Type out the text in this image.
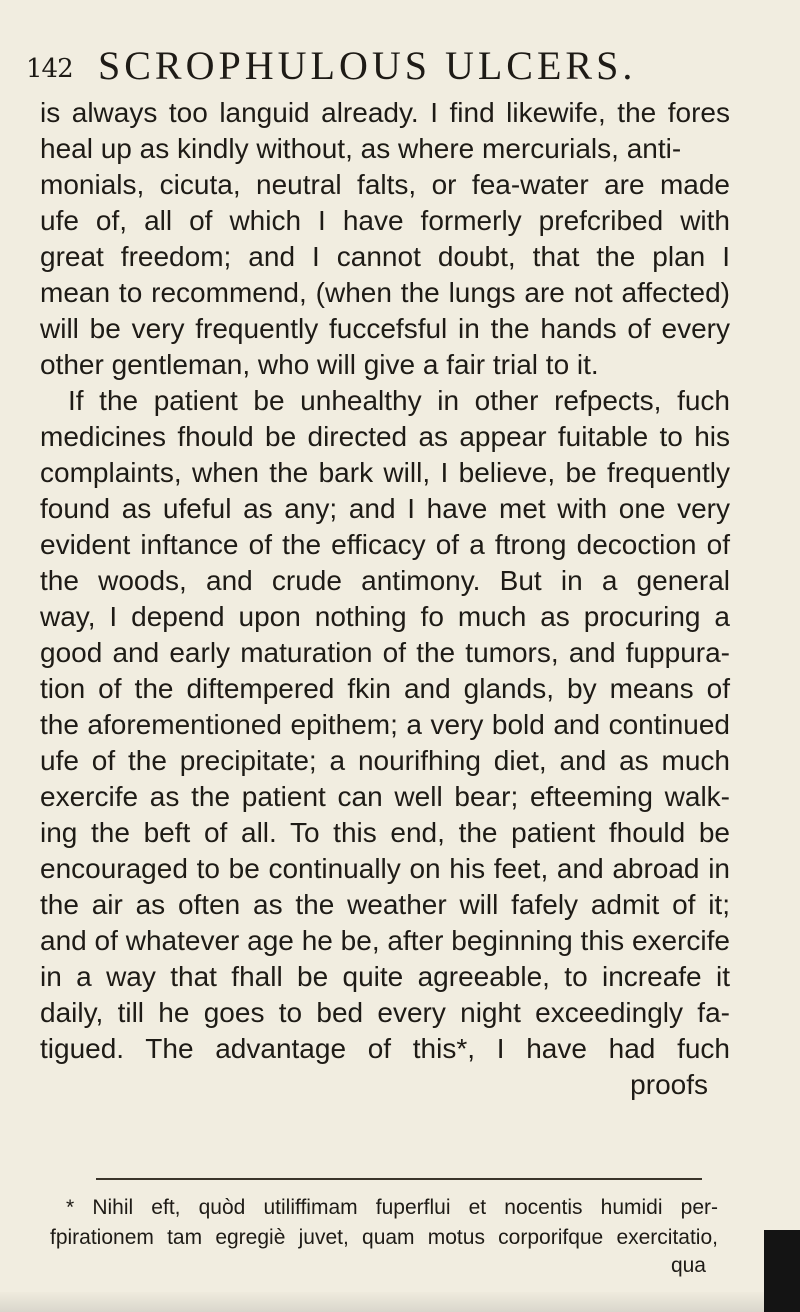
142 SCROPHULOUS ULCERS.
is always too languid already. I find likewife, the fores
heal up as kindly without, as where mercurials, anti-
monials, cicuta, neutral falts, or fea-water are made
ufe of, all of which I have formerly prefcribed with
great freedom; and I cannot doubt, that the plan I
mean to recommend, (when the lungs are not affected)
will be very frequently fuccefsful in the hands of every
other gentleman, who will give a fair trial to it.
If the patient be unhealthy in other refpects, fuch
medicines fhould be directed as appear fuitable to his
complaints, when the bark will, I believe, be frequently
found as ufeful as any; and I have met with one very
evident inftance of the efficacy of a ftrong decoction of
the woods, and crude antimony. But in a general
way, I depend upon nothing fo much as procuring a
good and early maturation of the tumors, and fuppura-
tion of the diftempered fkin and glands, by means of
the aforementioned epithem; a very bold and continued
ufe of the precipitate; a nourifhing diet, and as much
exercife as the patient can well bear; efteeming walk-
ing the beft of all. To this end, the patient fhould be
encouraged to be continually on his feet, and abroad in
the air as often as the weather will fafely admit of it;
and of whatever age he be, after beginning this exercife
in a way that fhall be quite agreeable, to increafe it
daily, till he goes to bed every night exceedingly fa-
tigued. The advantage of this*, I have had fuch
proofs
* Nihil eft, quòd utiliffimam fuperflui et nocentis humidi per-
fpirationem tam egregiè juvet, quam motus corporifque exercitatio,
qua
